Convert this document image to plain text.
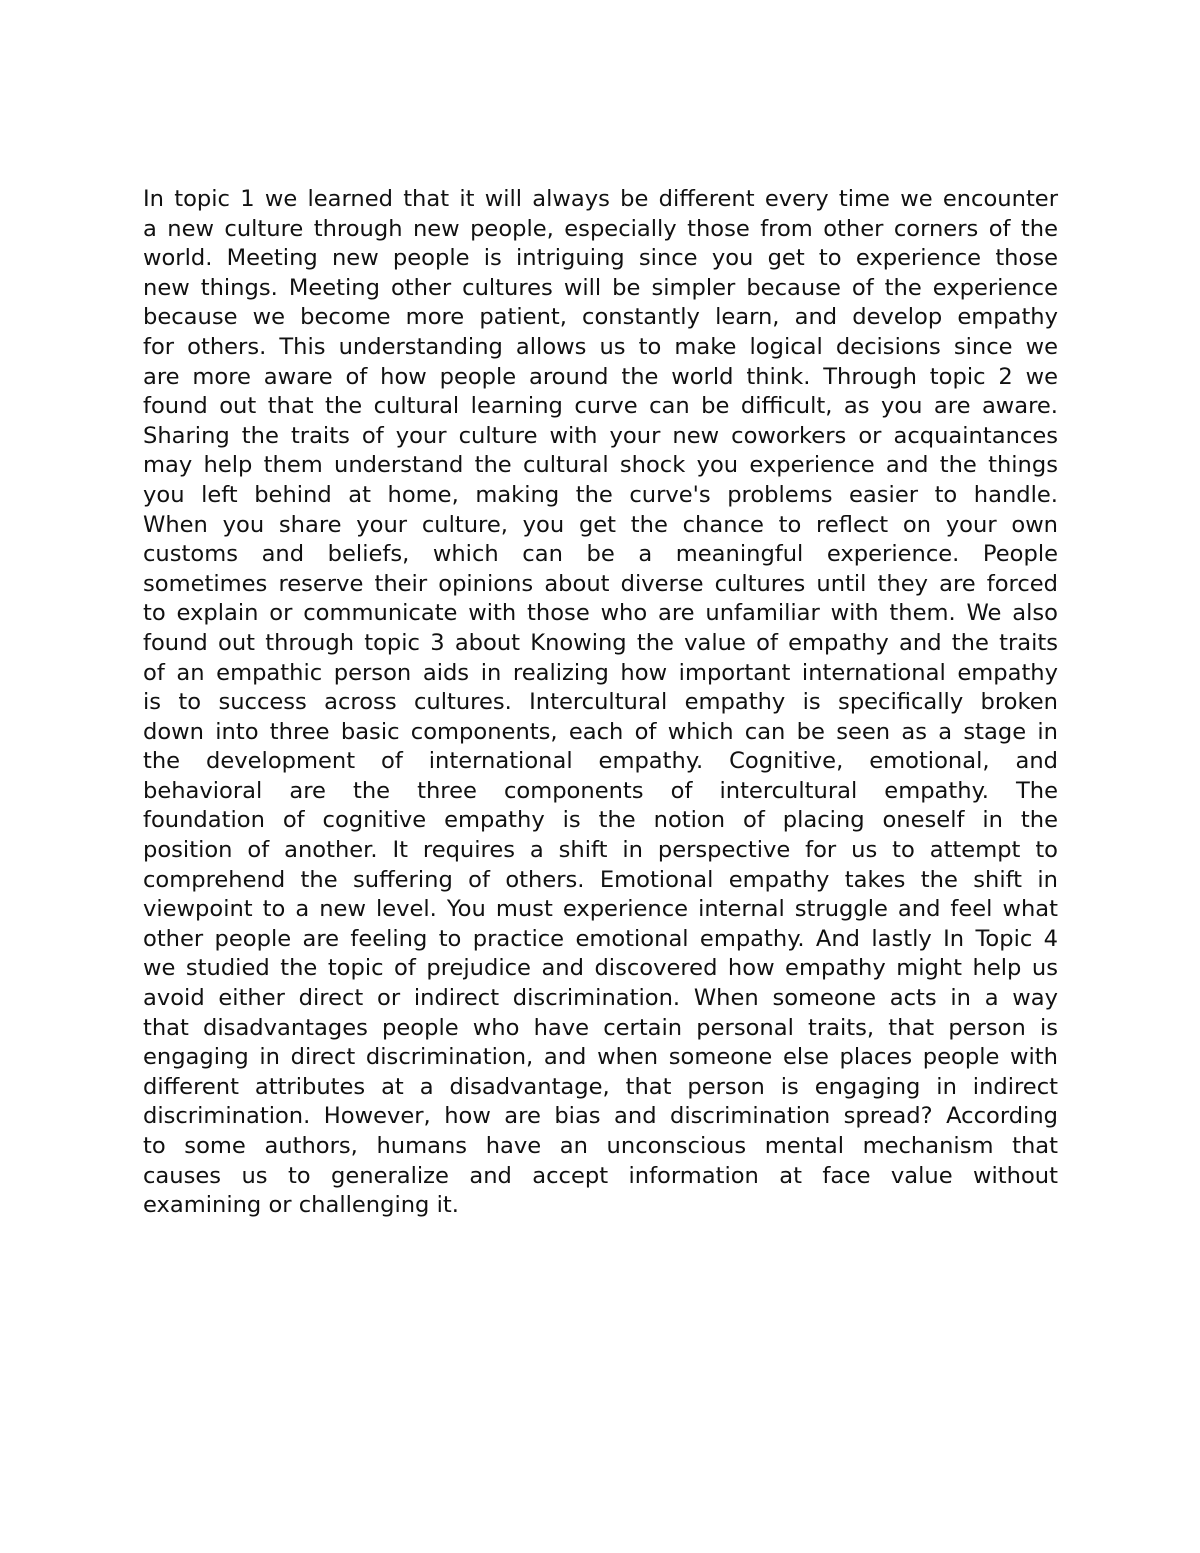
In topic 1 we learned that it will always be different every time we encounter
a new culture through new people, especially those from other corners of the
world. Meeting new people is intriguing since you get to experience those
new things. Meeting other cultures will be simpler because of the experience
because we become more patient, constantly learn, and develop empathy
for others. This understanding allows us to make logical decisions since we
are more aware of how people around the world think. Through topic 2 we
found out that the cultural learning curve can be difficult, as you are aware.
Sharing the traits of your culture with your new coworkers or acquaintances
may help them understand the cultural shock you experience and the things
you left behind at home, making the curve's problems easier to handle.
When you share your culture, you get the chance to reflect on your own
customs and beliefs, which can be a meaningful experience. People
sometimes reserve their opinions about diverse cultures until they are forced
to explain or communicate with those who are unfamiliar with them. We also
found out through topic 3 about Knowing the value of empathy and the traits
of an empathic person aids in realizing how important international empathy
is to success across cultures. Intercultural empathy is specifically broken
down into three basic components, each of which can be seen as a stage in
the development of international empathy. Cognitive, emotional, and
behavioral are the three components of intercultural empathy. The
foundation of cognitive empathy is the notion of placing oneself in the
position of another. It requires a shift in perspective for us to attempt to
comprehend the suffering of others. Emotional empathy takes the shift in
viewpoint to a new level. You must experience internal struggle and feel what
other people are feeling to practice emotional empathy. And lastly In Topic 4
we studied the topic of prejudice and discovered how empathy might help us
avoid either direct or indirect discrimination. When someone acts in a way
that disadvantages people who have certain personal traits, that person is
engaging in direct discrimination, and when someone else places people with
different attributes at a disadvantage, that person is engaging in indirect
discrimination. However, how are bias and discrimination spread? According
to some authors, humans have an unconscious mental mechanism that
causes us to generalize and accept information at face value without
examining or challenging it.
